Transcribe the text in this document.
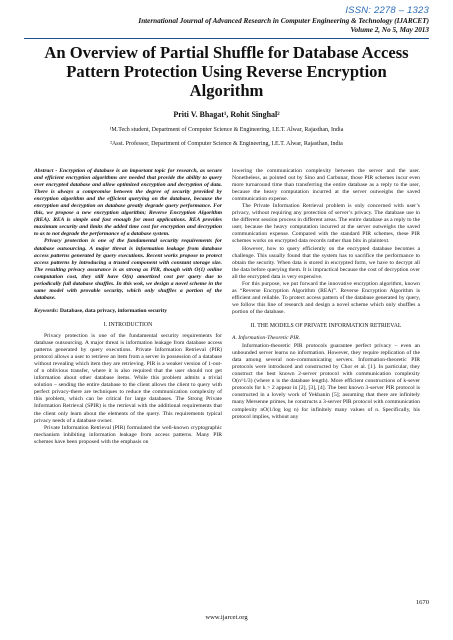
ISSN: 2278 – 1323
International Journal of Advanced Research in Computer Engineering & Technology (IJARCET)
Volume 2, No 5, May 2013
An Overview of Partial Shuffle for Database Access Pattern Protection Using Reverse Encryption Algorithm
Priti V. Bhagat¹, Rohit Singhal²
¹M.Tech student, Department of Computer Science & Engineering, I.E.T. Alwar, Rajasthan, India
²Asst. Professor, Department of Computer Science & Engineering, I.E.T. Alwar, Rajasthan, India

Abstract - Encryption of database is an important topic for research, as secure and efficient encryption algorithms are needed that provide the ability to query over encrypted database and allow optimized encryption and decryption of data. There is always a compromise between the degree of security provided by encryption algorithm and the efficient querying on the database, because the encryption and decryption on database greatly degrade query performance. For this, we propose a new encryption algorithm; Reverse Encryption Algorithm (REA). REA is simple and fast enough for most applications. REA provides maximum security and limits the added time cost for encryption and decryption to as to not degrade the performance of a database system.

Privacy protection is one of the fundamental security requirements for database outsourcing. A major threat is information leakage from database access patterns generated by query executions. Recent works propose to protect access patterns by introducing a trusted component with constant storage size. The resulting privacy assurance is as strong as PIR, though with O(1) online computation cost, they still have O(n) amortized cost per query due to periodically full database shuffles. In this wok, we design a novel scheme in the same model with provable security, which only shuffles a portion of the database.

Keywords: Database, data privacy, information security

I. INTRODUCTION

Privacy protection is one of the fundamental security requirements for database outsourcing. A major threat is information leakage from database access patterns generated by query executions. Private Information Retrieval (PIR) protocol allows a user to retrieve an item from a server in possession of a database without revealing which item they are retrieving. PIR is a weaker version of 1-out-of n oblivious transfer, where it is also required that the user should not get information about other database items. While this problem admits a trivial solution – sending the entire database to the client allows the client to query with perfect privacy-there are techniques to reduce the communication complexity of this problem, which can be critical for large databases. The Strong Private Information Retrieval (SPIR) is the retrieval with the additional requirements that the client only learn about the elements of the query. This requirements typical privacy needs of a database owner.

Private Information Retrieval (PIR) formulated the well-known cryptographic mechanism inhibiting information leakage from access patterns. Many PIR schemes have been proposed with the emphasis on

lowering the communication complexity between the server and the user. Nonetheless, as pointed out by Sino and Carbunar, those PIR schemes incur even more turnaround time than transferring the entire database as a reply to the user, because the heavy computation incurred at the server outweighs the saved communication expense.

The Private Information Retrieval problem is only concerned with user’s privacy, without requiring any protection of server’s privacy. The database use in the different session process in different areas. The entire database as a reply to the user, because the heavy computation incurred at the server outweighs the saved communication expense. Compared with the standard PIR schemes, these PIR schemes works on encrypted data records rather than bits in plaintext.

However, how to query efficiently on the encrypted database becomes a challenge. This usually found that the system has to sacrifice the performance to obtain the security. When data is stored in encrypted form, we have to decrypt all the data before querying them. It is impractical because the cost of decryption over all the encrypted data is very expensive.

For this purpose, we put forward the innovative encryption algorithm, known as “Reverse Encryption Algorithm (REA)”. Reverse Encryption Algorithm is efficient and reliable. To protect access pattern of the database generated by query, we follow this line of research and design a novel scheme which only shuffles a portion of the database.

II. THE MODELS OF PRIVATE INFORMATION RETRIEVAL

A. Information-Theoretic PIR.

Information-theoretic PIR protocols guarantee perfect privacy – even an unbounded server learns no information. However, they require replication of the data among several non-communicating servers. Information-theoretic PIR protocols were introduced and constructed by Chor et al. [1]. In particular, they construct the best known 2-server protocol with communication complexity O(n^1/3) (where n is the database length). More efficient constructions of k-sever protocols for k > 2 appear in [2], [3], [4]. The best known 3-server PIR protocol is constructed in a lovely work of Yekhanin [5]; assuming that there are infinitely many Mersenne primes, he constructs a 3-server PIR protocol with communication complexity nO(1/log log n) for infinitely many values of n. Specifically, his protocol implies, without any

1670
www.ijarcet.org
